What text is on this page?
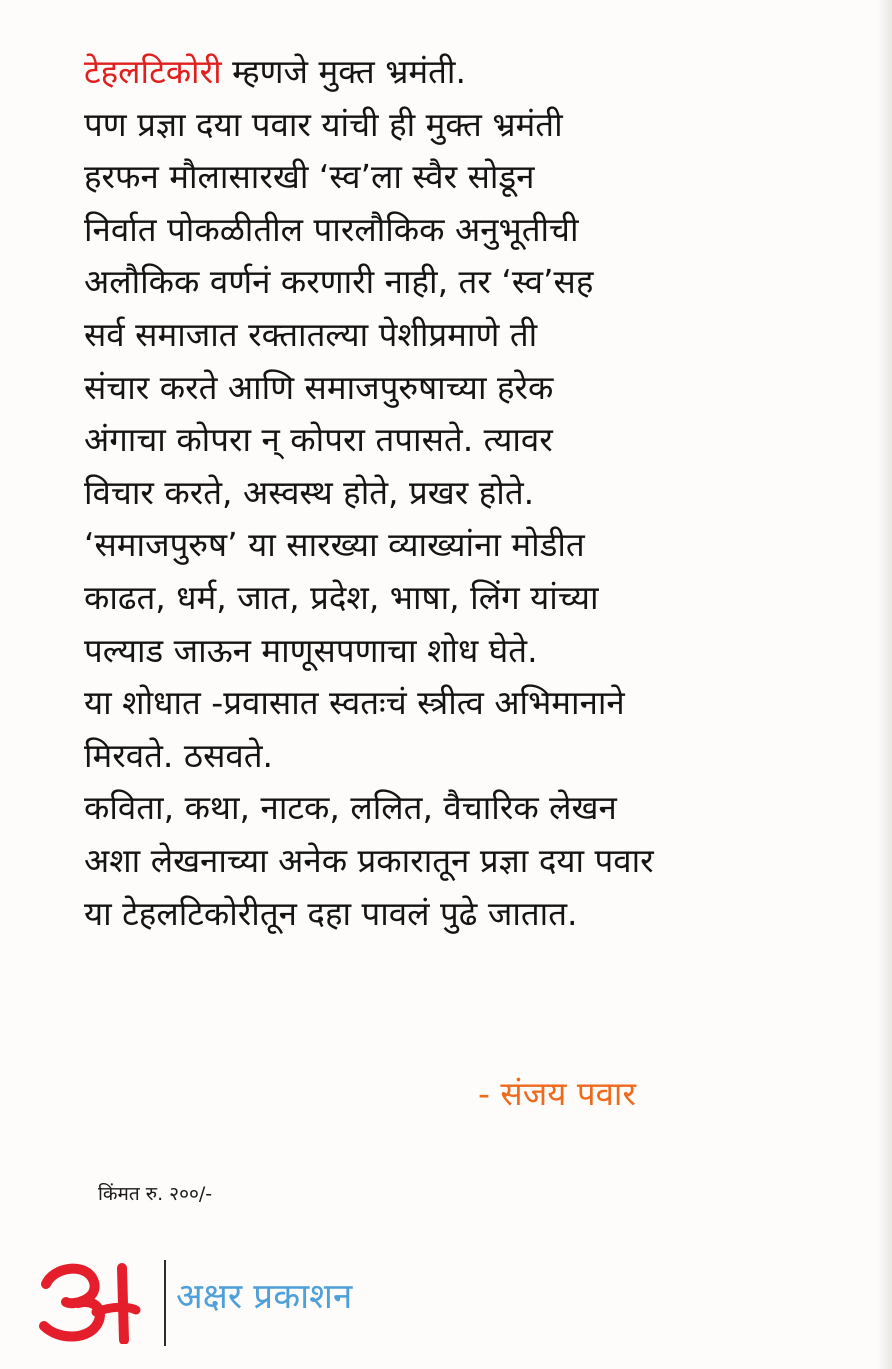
टेहलटिकोरी म्हणजे मुक्त भ्रमंती.
पण प्रज्ञा दया पवार यांची ही मुक्त भ्रमंती
हरफन मौलासारखी ‘स्व’ला स्वैर सोडून
निर्वात पोकळीतील पारलौकिक अनुभूतीची
अलौकिक वर्णनं करणारी नाही, तर ‘स्व’सह
सर्व समाजात रक्तातल्या पेशीप्रमाणे ती
संचार करते आणि समाजपुरुषाच्या हरेक
अंगाचा कोपरा न् कोपरा तपासते. त्यावर
विचार करते, अस्वस्थ होते, प्रखर होते.
‘समाजपुरुष’ या सारख्या व्याख्यांना मोडीत
काढत, धर्म, जात, प्रदेश, भाषा, लिंग यांच्या
पल्याड जाऊन माणूसपणाचा शोध घेते.
या शोधात -प्रवासात स्वतःचं स्त्रीत्व अभिमानाने
मिरवते. ठसवते.
कविता, कथा, नाटक, ललित, वैचारिक लेखन
अशा लेखनाच्या अनेक प्रकारातून प्रज्ञा दया पवार
या टेहलटिकोरीतून दहा पावलं पुढे जातात.
- संजय पवार
किंमत रु. २००/-
अक्षर प्रकाशन
